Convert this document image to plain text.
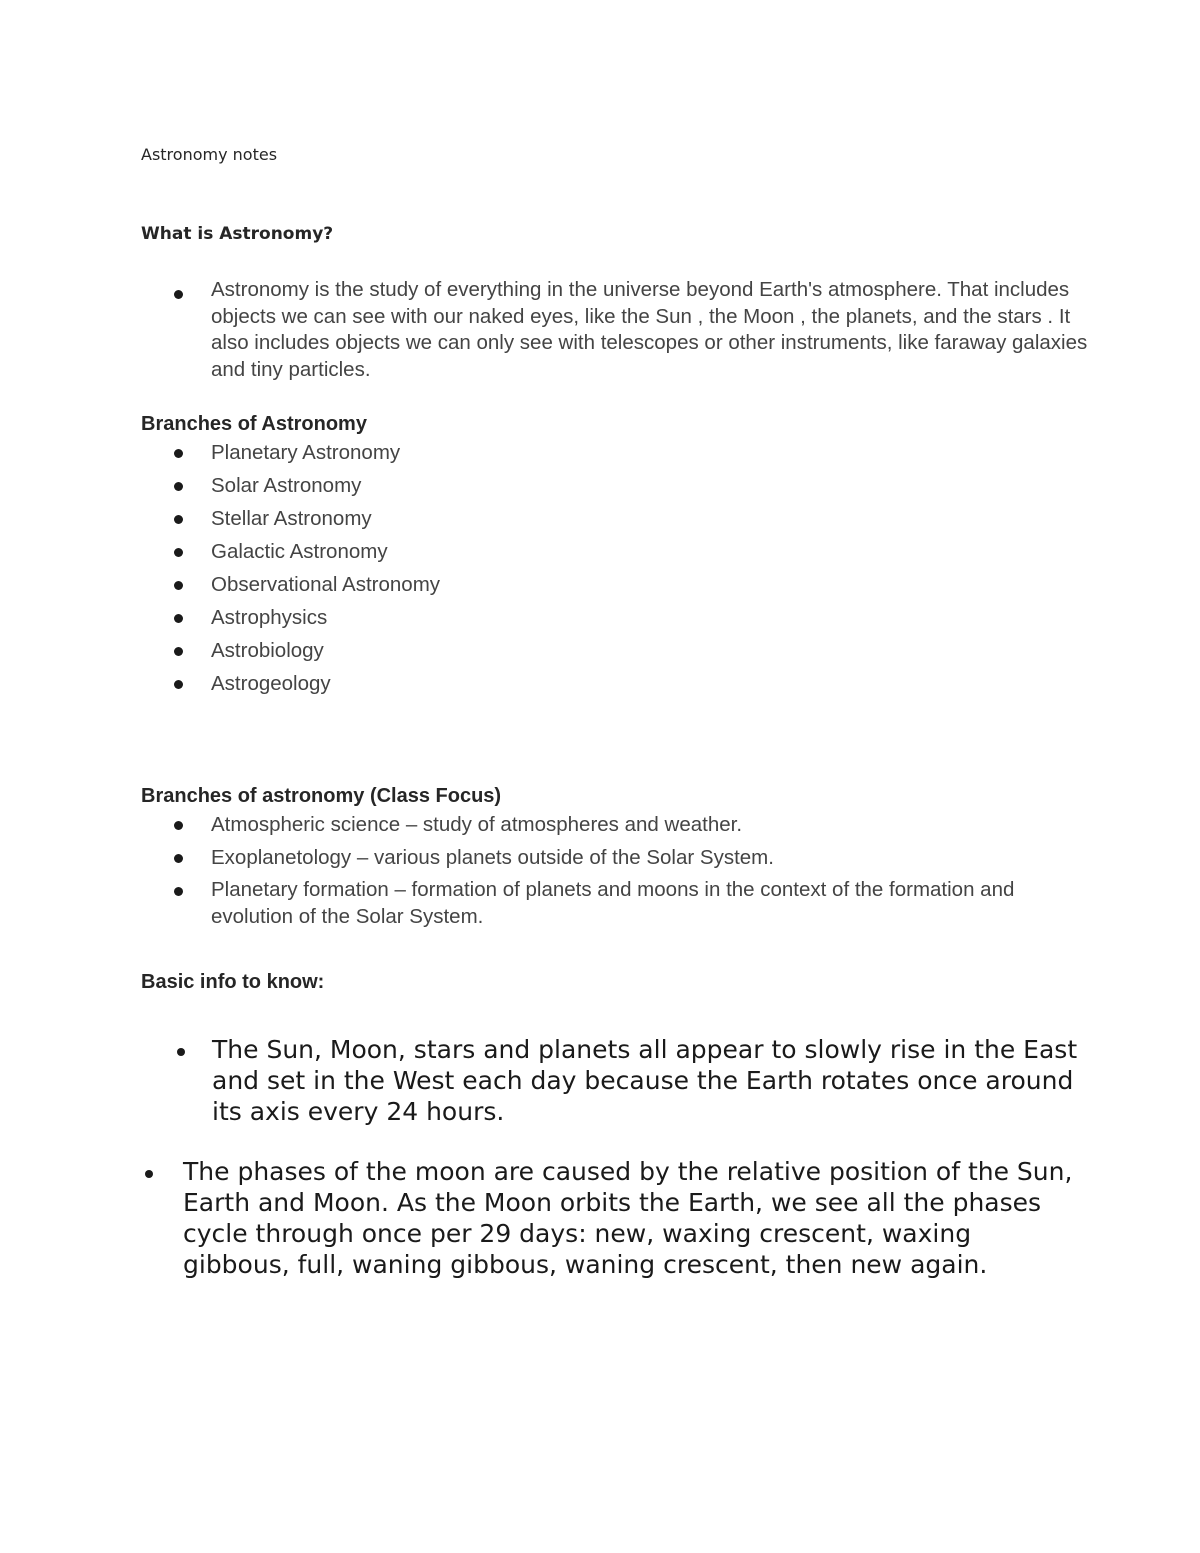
Astronomy notes
What is Astronomy?
Astronomy is the study of everything in the universe beyond Earth's atmosphere. That includes objects we can see with our naked eyes, like the Sun , the Moon , the planets, and the stars . It also includes objects we can only see with telescopes or other instruments, like faraway galaxies and tiny particles.
Branches of Astronomy
Planetary Astronomy
Solar Astronomy
Stellar Astronomy
Galactic Astronomy
Observational Astronomy
Astrophysics
Astrobiology
Astrogeology
Branches of astronomy (Class Focus)
Atmospheric science – study of atmospheres and weather.
Exoplanetology – various planets outside of the Solar System.
Planetary formation – formation of planets and moons in the context of the formation and evolution of the Solar System.
Basic info to know:
The Sun, Moon, stars and planets all appear to slowly rise in the East and set in the West each day because the Earth rotates once around its axis every 24 hours.
The phases of the moon are caused by the relative position of the Sun, Earth and Moon. As the Moon orbits the Earth, we see all the phases cycle through once per 29 days: new, waxing crescent, waxing gibbous, full, waning gibbous, waning crescent, then new again.
